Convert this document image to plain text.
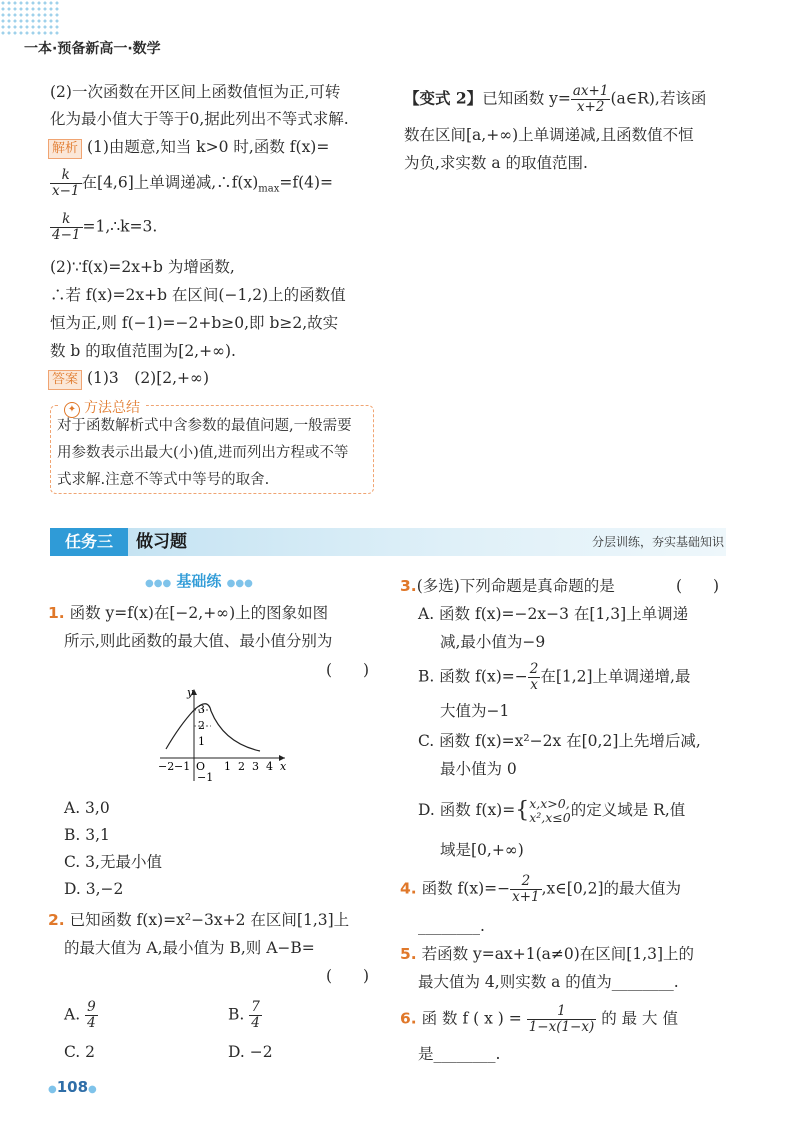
一本·预备新高一·数学
(2)一次函数在开区间上函数值恒为正,可转
化为最小值大于等于0,据此列出不等式求解.
解析 (1)由题意,知当 k>0 时,函数 f(x)=
$\frac{k}{x-1}$ 在[4,6]上单调递减$,\therefore f(x)_{max}=f(4)=$
$\frac{k}{4-1}$ =1,∴k=3.
(2)∵f(x)=2x+b 为增函数,
∴若 f(x)=2x+b 在区间(−1,2)上的函数值
恒为正,则 f(−1)=−2+b≥0,即 b≥2,故实
数 b 的取值范围为[2,+∞).
答案 (1)3　(2)[2,+∞)
✦ 方法总结
对于函数解析式中含参数的最值问题,一般需要
用参数表示出最大(小)值,进而列出方程或不等
式求解.注意不等式中等号的取舍.
【变式 2】已知函数 $y= \frac{ax+1}{x+2}$ (a∈R),若该函
数在区间[a,+∞)上单调递减,且函数值不恒
为负,求实数 a 的取值范围.
任务三	做习题	分层训练，夯实基础知识
●●● 基础练 ●●●
1. 函数 y=f(x)在[−2,+∞)上的图象如图
所示,则此函数的最大值、最小值分别为
(　　)
y
x
O
3
2
1
−1
−2 −1	1 2 3 4
A. 3,0
B. 3,1
C. 3,无最小值
D. 3,−2
2. 已知函数 f(x)=x²−3x+2 在区间[1,3]上
的最大值为 A,最小值为 B,则 A−B=
(　　)
A. $\frac{9}{4}$	B. $\frac{7}{4}$
C. 2	D. −2
3.(多选)下列命题是真命题的是	(　　)
A. 函数 f(x)=−2x−3 在[1,3]上单调递
减,最小值为−9
B. 函数 $f(x)=- \frac{2}{x}$ 在[1,2]上单调递增,最
大值为−1
C. 函数 f(x)=x²−2x 在[0,2]上先增后减,
最小值为 0
D. 函数 f(x)={ x,x>0,
x²,x≤0 的定义域是 R,值
域是[0,+∞)
4. 函数 $f(x)=- \frac{2}{x+1}$ ,x∈[0,2]的最大值为
________.
5. 若函数 y=ax+1(a≠0)在区间[1,3]上的
最大值为 4,则实数 a 的值为________.
6. 函 数 f ( x ) = $\frac{1}{1-x(1-x)}$ 的 最 大 值
是________.
●108●
